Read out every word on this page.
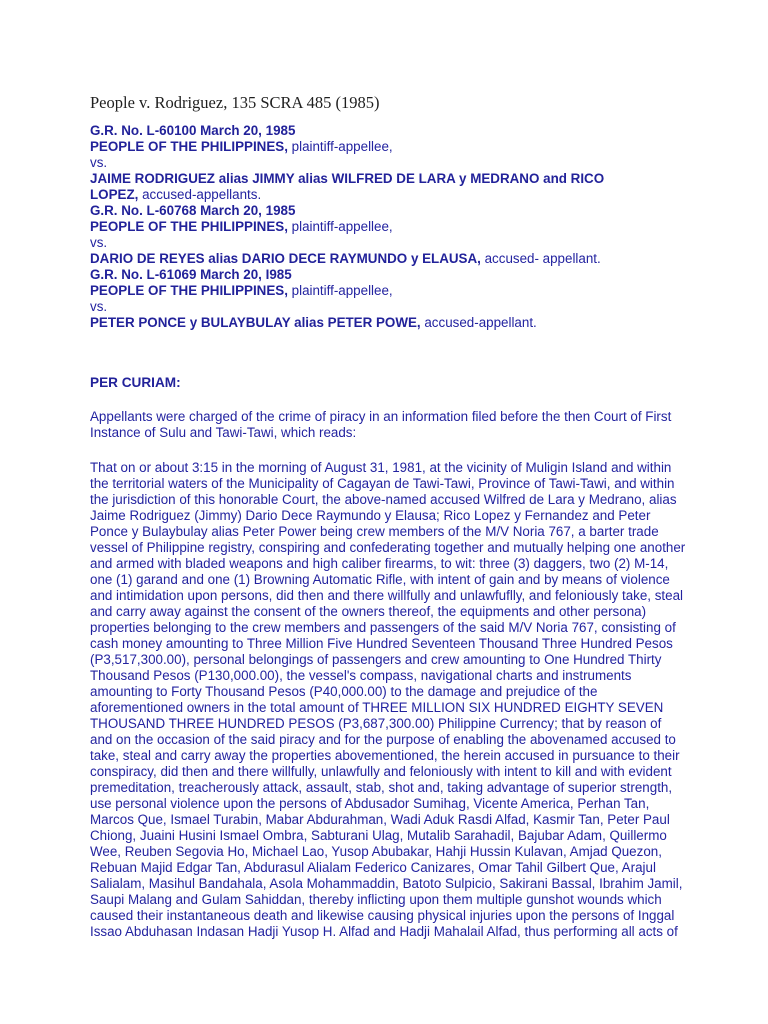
People v. Rodriguez, 135 SCRA 485 (1985)
G.R. No. L-60100 March 20, 1985
PEOPLE OF THE PHILIPPINES, plaintiff-appellee,
vs.
JAIME RODRIGUEZ alias JIMMY alias WILFRED DE LARA y MEDRANO and RICO
LOPEZ, accused-appellants.
G.R. No. L-60768 March 20, 1985
PEOPLE OF THE PHILIPPINES, plaintiff-appellee,
vs.
DARIO DE REYES alias DARIO DECE RAYMUNDO y ELAUSA, accused- appellant.
G.R. No. L-61069 March 20, I985
PEOPLE OF THE PHILIPPINES, plaintiff-appellee,
vs.
PETER PONCE y BULAYBULAY alias PETER POWE, accused-appellant.
PER CURIAM:
Appellants were charged of the crime of piracy in an information filed before the then Court of First
Instance of Sulu and Tawi-Tawi, which reads:
That on or about 3:15 in the morning of August 31, 1981, at the vicinity of Muligin Island and within
the territorial waters of the Municipality of Cagayan de Tawi-Tawi, Province of Tawi-Tawi, and within
the jurisdiction of this honorable Court, the above-named accused Wilfred de Lara y Medrano, alias
Jaime Rodriguez (Jimmy) Dario Dece Raymundo y Elausa; Rico Lopez y Fernandez and Peter
Ponce y Bulaybulay alias Peter Power being crew members of the M/V Noria 767, a barter trade
vessel of Philippine registry, conspiring and confederating together and mutually helping one another
and armed with bladed weapons and high caliber firearms, to wit: three (3) daggers, two (2) M-14,
one (1) garand and one (1) Browning Automatic Rifle, with intent of gain and by means of violence
and intimidation upon persons, did then and there willfully and unlawfuflly, and feloniously take, steal
and carry away against the consent of the owners thereof, the equipments and other persona)
properties belonging to the crew members and passengers of the said M/V Noria 767, consisting of
cash money amounting to Three Million Five Hundred Seventeen Thousand Three Hundred Pesos
(P3,517,300.00), personal belongings of passengers and crew amounting to One Hundred Thirty
Thousand Pesos (P130,000.00), the vessel's compass, navigational charts and instruments
amounting to Forty Thousand Pesos (P40,000.00) to the damage and prejudice of the
aforementioned owners in the total amount of THREE MILLION SIX HUNDRED EIGHTY SEVEN
THOUSAND THREE HUNDRED PESOS (P3,687,300.00) Philippine Currency; that by reason of
and on the occasion of the said piracy and for the purpose of enabling the abovenamed accused to
take, steal and carry away the properties abovementioned, the herein accused in pursuance to their
conspiracy, did then and there willfully, unlawfully and feloniously with intent to kill and with evident
premeditation, treacherously attack, assault, stab, shot and, taking advantage of superior strength,
use personal violence upon the persons of Abdusador Sumihag, Vicente America, Perhan Tan,
Marcos Que, Ismael Turabin, Mabar Abdurahman, Wadi Aduk Rasdi Alfad, Kasmir Tan, Peter Paul
Chiong, Juaini Husini Ismael Ombra, Sabturani Ulag, Mutalib Sarahadil, Bajubar Adam, Quillermo
Wee, Reuben Segovia Ho, Michael Lao, Yusop Abubakar, Hahji Hussin Kulavan, Amjad Quezon,
Rebuan Majid Edgar Tan, Abdurasul Alialam Federico Canizares, Omar Tahil Gilbert Que, Arajul
Salialam, Masihul Bandahala, Asola Mohammaddin, Batoto Sulpicio, Sakirani Bassal, Ibrahim Jamil,
Saupi Malang and Gulam Sahiddan, thereby inflicting upon them multiple gunshot wounds which
caused their instantaneous death and likewise causing physical injuries upon the persons of Inggal
Issao Abduhasan Indasan Hadji Yusop H. Alfad and Hadji Mahalail Alfad, thus performing all acts of
